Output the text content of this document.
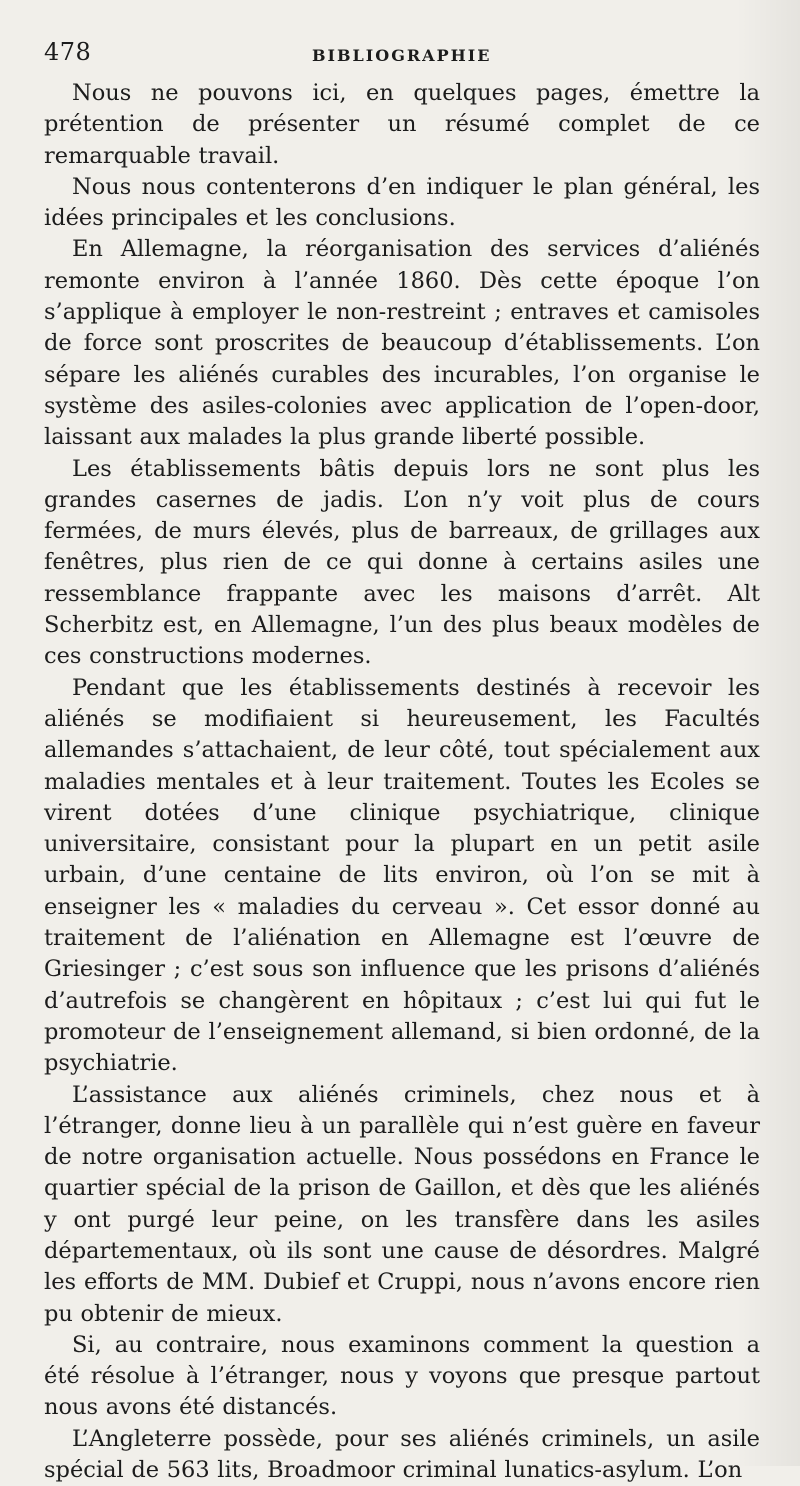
478	BIBLIOGRAPHIE

Nous ne pouvons ici, en quelques pages, émettre la prétention de présenter un résumé complet de ce remarquable travail.

Nous nous contenterons d’en indiquer le plan général, les idées principales et les conclusions.

En Allemagne, la réorganisation des services d’aliénés remonte environ à l’année 1860. Dès cette époque l’on s’applique à employer le non-restreint ; entraves et camisoles de force sont proscrites de beaucoup d’établissements. L’on sépare les aliénés curables des incurables, l’on organise le système des asiles-colonies avec application de l’open-door, laissant aux malades la plus grande liberté possible.

Les établissements bâtis depuis lors ne sont plus les grandes casernes de jadis. L’on n’y voit plus de cours fermées, de murs élevés, plus de barreaux, de grillages aux fenêtres, plus rien de ce qui donne à certains asiles une ressemblance frappante avec les maisons d’arrêt. Alt Scherbitz est, en Allemagne, l’un des plus beaux modèles de ces constructions modernes.

Pendant que les établissements destinés à recevoir les aliénés se modifiaient si heureusement, les Facultés allemandes s’attachaient, de leur côté, tout spécialement aux maladies mentales et à leur traitement. Toutes les Ecoles se virent dotées d’une clinique psychiatrique, clinique universitaire, consistant pour la plupart en un petit asile urbain, d’une centaine de lits environ, où l’on se mit à enseigner les « maladies du cerveau ». Cet essor donné au traitement de l’aliénation en Allemagne est l’œuvre de Griesinger ; c’est sous son influence que les prisons d’aliénés d’autrefois se changèrent en hôpitaux ; c’est lui qui fut le promoteur de l’enseignement allemand, si bien ordonné, de la psychiatrie.

L’assistance aux aliénés criminels, chez nous et à l’étranger, donne lieu à un parallèle qui n’est guère en faveur de notre organisation actuelle. Nous possédons en France le quartier spécial de la prison de Gaillon, et dès que les aliénés y ont purgé leur peine, on les transfère dans les asiles départementaux, où ils sont une cause de désordres. Malgré les efforts de MM. Dubief et Cruppi, nous n’avons encore rien pu obtenir de mieux.

Si, au contraire, nous examinons comment la question a été résolue à l’étranger, nous y voyons que presque partout nous avons été distancés.

L’Angleterre possède, pour ses aliénés criminels, un asile spécial de 563 lits, Broadmoor criminal lunatics-asylum. L’on
